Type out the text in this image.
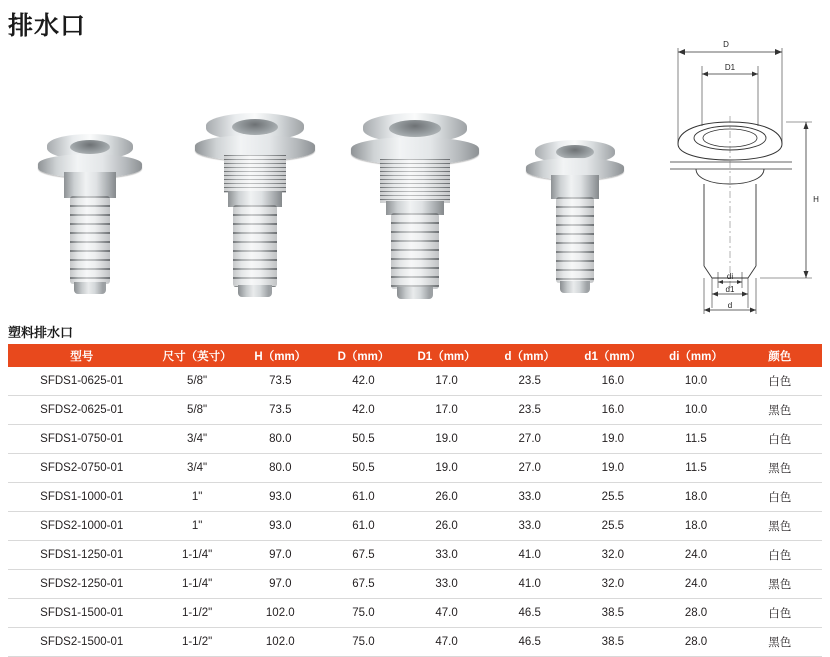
排水口
D
D1
H
di
d1
d
塑料排水口
型号	尺寸（英寸）	H（mm）	D（mm）	D1（mm）	d（mm）	d1（mm）	di（mm）	颜色
SFDS1-0625-01	5/8"	73.5	42.0	17.0	23.5	16.0	10.0	白色
SFDS2-0625-01	5/8"	73.5	42.0	17.0	23.5	16.0	10.0	黑色
SFDS1-0750-01	3/4"	80.0	50.5	19.0	27.0	19.0	11.5	白色
SFDS2-0750-01	3/4"	80.0	50.5	19.0	27.0	19.0	11.5	黑色
SFDS1-1000-01	1"	93.0	61.0	26.0	33.0	25.5	18.0	白色
SFDS2-1000-01	1"	93.0	61.0	26.0	33.0	25.5	18.0	黑色
SFDS1-1250-01	1-1/4"	97.0	67.5	33.0	41.0	32.0	24.0	白色
SFDS2-1250-01	1-1/4"	97.0	67.5	33.0	41.0	32.0	24.0	黑色
SFDS1-1500-01	1-1/2"	102.0	75.0	47.0	46.5	38.5	28.0	白色
SFDS2-1500-01	1-1/2"	102.0	75.0	47.0	46.5	38.5	28.0	黑色
